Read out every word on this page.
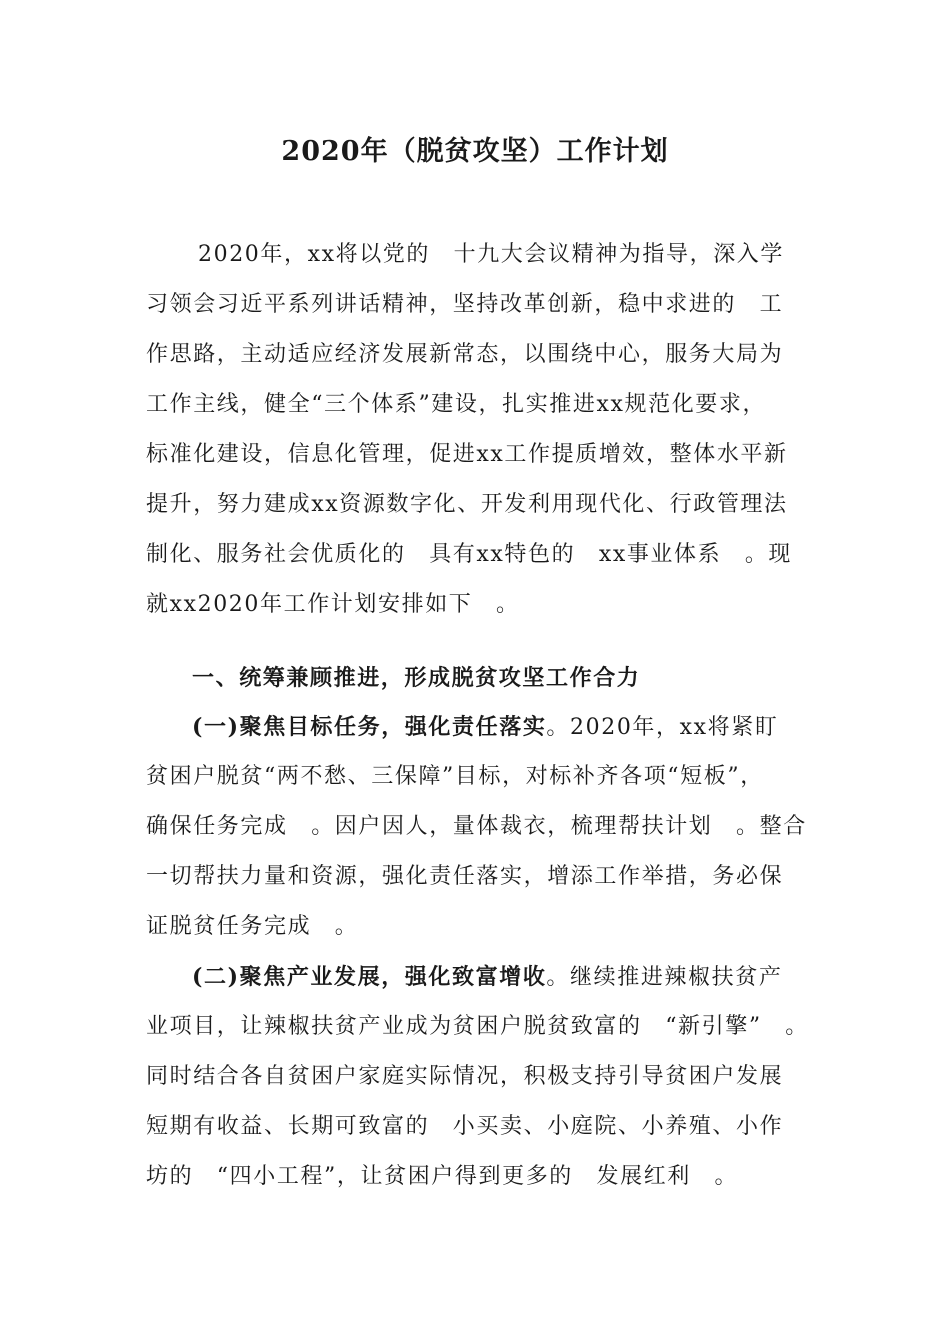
2020年（脱贫攻坚）工作计划
2020年，xx将以党的　十九大会议精神为指导，深入学
习领会习近平系列讲话精神，坚持改革创新，稳中求进的　工
作思路，主动适应经济发展新常态，以围绕中心，服务大局为
工作主线，健全“三个体系”建设，扎实推进xx规范化要求，
标准化建设，信息化管理，促进xx工作提质增效，整体水平新
提升，努力建成xx资源数字化、开发利用现代化、行政管理法
制化、服务社会优质化的　具有xx特色的　xx事业体系　。现
就xx2020年工作计划安排如下　。
一、统筹兼顾推进，形成脱贫攻坚工作合力
(一)聚焦目标任务，强化责任落实。2020年，xx将紧盯
贫困户脱贫“两不愁、三保障”目标，对标补齐各项“短板”，
确保任务完成　。因户因人，量体裁衣，梳理帮扶计划　。整合
一切帮扶力量和资源，强化责任落实，增添工作举措，务必保
证脱贫任务完成　。
(二)聚焦产业发展，强化致富增收。继续推进辣椒扶贫产
业项目，让辣椒扶贫产业成为贫困户脱贫致富的　“新引擎”　。
同时结合各自贫困户家庭实际情况，积极支持引导贫困户发展
短期有收益、长期可致富的　小买卖、小庭院、小养殖、小作
坊的　“四小工程”，让贫困户得到更多的　发展红利　。
